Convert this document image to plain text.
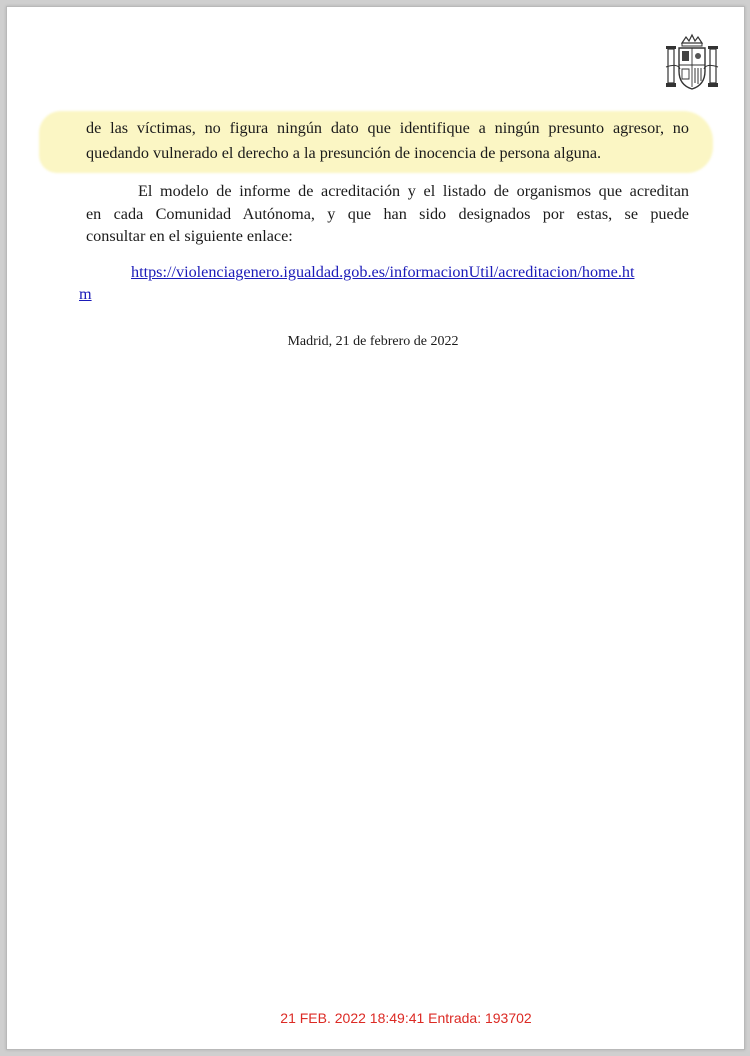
de las víctimas, no figura ningún dato que identifique a ningún presunto agresor, no
quedando vulnerado el derecho a la presunción de inocencia de persona alguna.
El modelo de informe de acreditación y el listado de organismos que acreditan
en cada Comunidad Autónoma, y que han sido designados por estas, se puede
consultar en el siguiente enlace:
https://violenciagenero.igualdad.gob.es/informacionUtil/acreditacion/home.ht
m
Madrid, 21 de febrero de 2022
21 FEB. 2022 18:49:41 Entrada: 193702
